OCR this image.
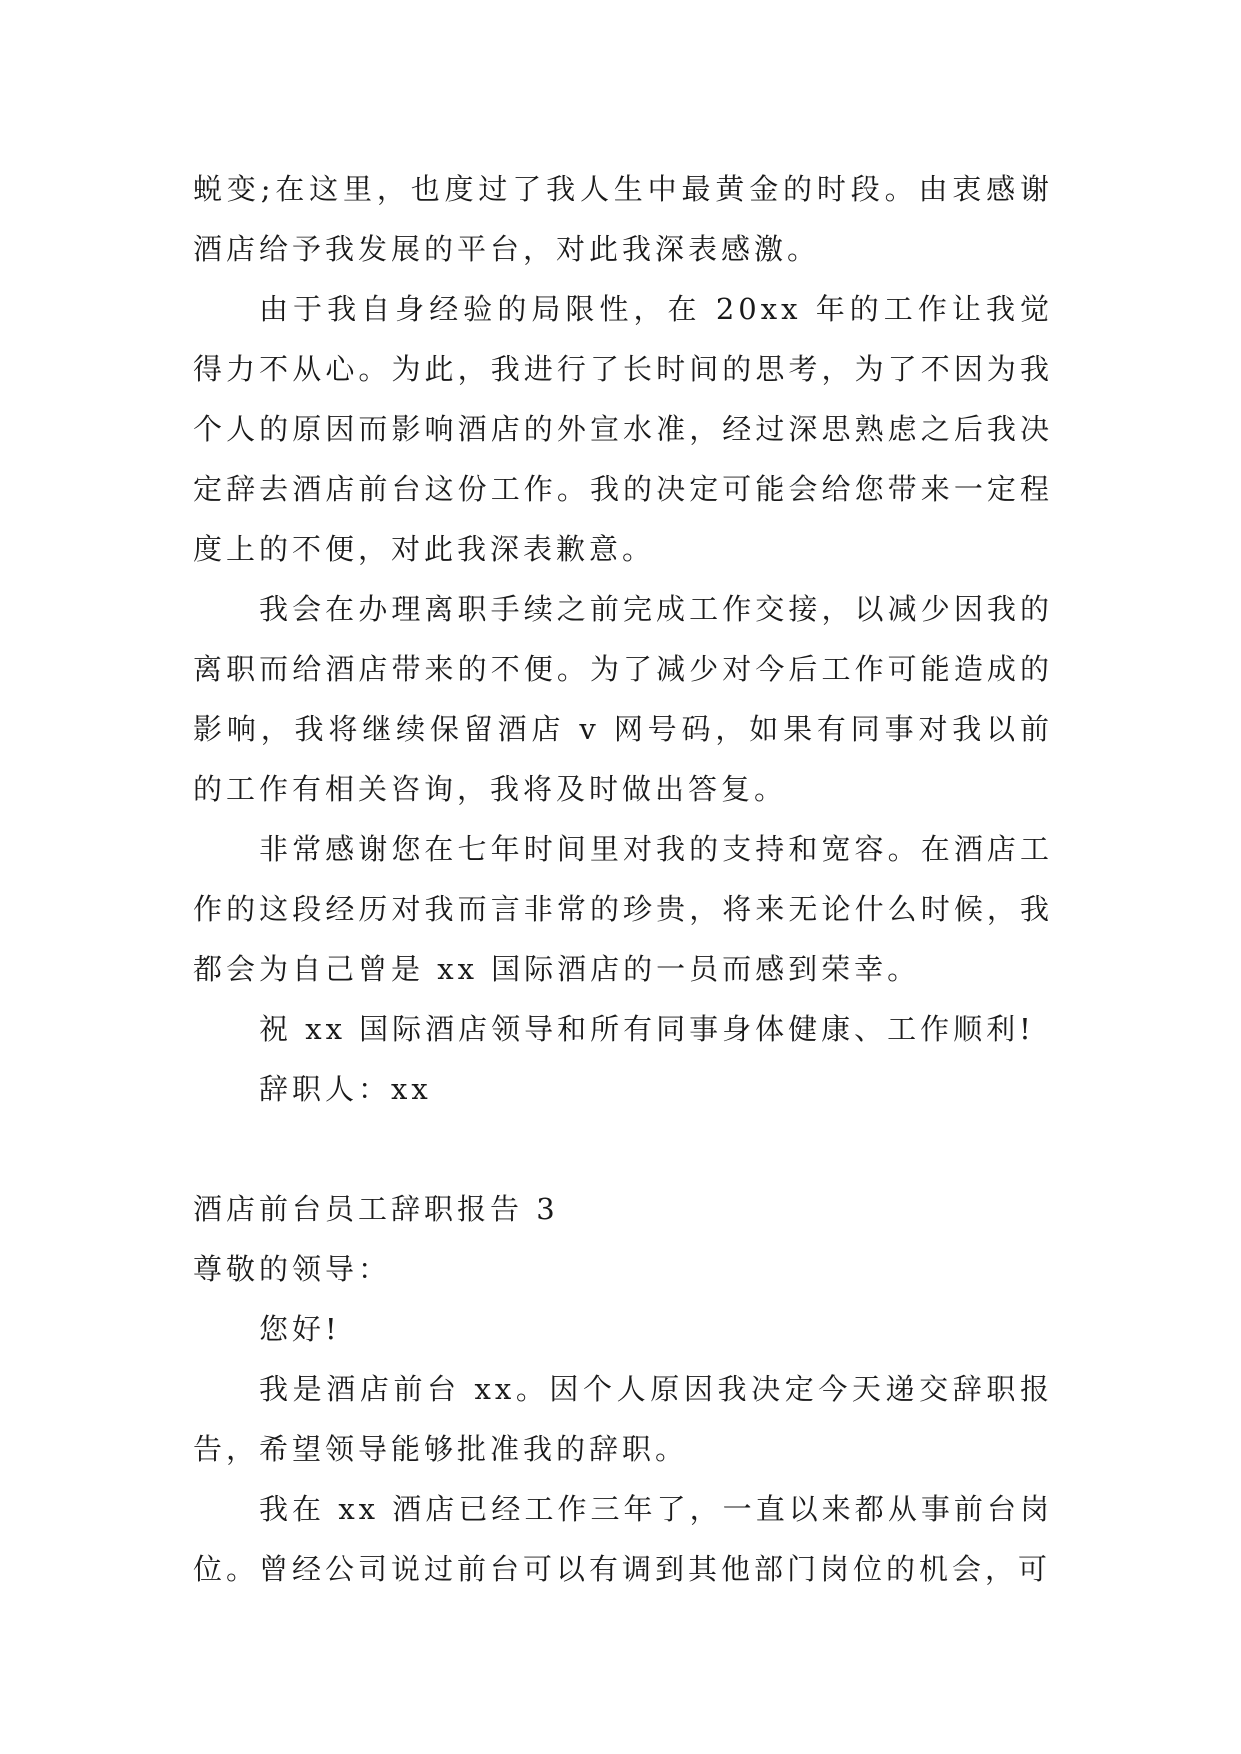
蜕变;在这里，也度过了我人生中最黄金的时段。由衷感谢酒店给予我发展的平台，对此我深表感激。

由于我自身经验的局限性，在 20xx 年的工作让我觉得力不从心。为此，我进行了长时间的思考，为了不因为我个人的原因而影响酒店的外宣水准，经过深思熟虑之后我决定辞去酒店前台这份工作。我的决定可能会给您带来一定程度上的不便，对此我深表歉意。

我会在办理离职手续之前完成工作交接，以减少因我的离职而给酒店带来的不便。为了减少对今后工作可能造成的影响，我将继续保留酒店 v 网号码，如果有同事对我以前的工作有相关咨询，我将及时做出答复。

非常感谢您在七年时间里对我的支持和宽容。在酒店工作的这段经历对我而言非常的珍贵，将来无论什么时候，我都会为自己曾是 xx 国际酒店的一员而感到荣幸。

祝 xx 国际酒店领导和所有同事身体健康、工作顺利!

辞职人：xx

酒店前台员工辞职报告 3

尊敬的领导：

您好!

我是酒店前台 xx。因个人原因我决定今天递交辞职报告，希望领导能够批准我的辞职。

我在 xx 酒店已经工作三年了，一直以来都从事前台岗位。曾经公司说过前台可以有调到其他部门岗位的机会，可
